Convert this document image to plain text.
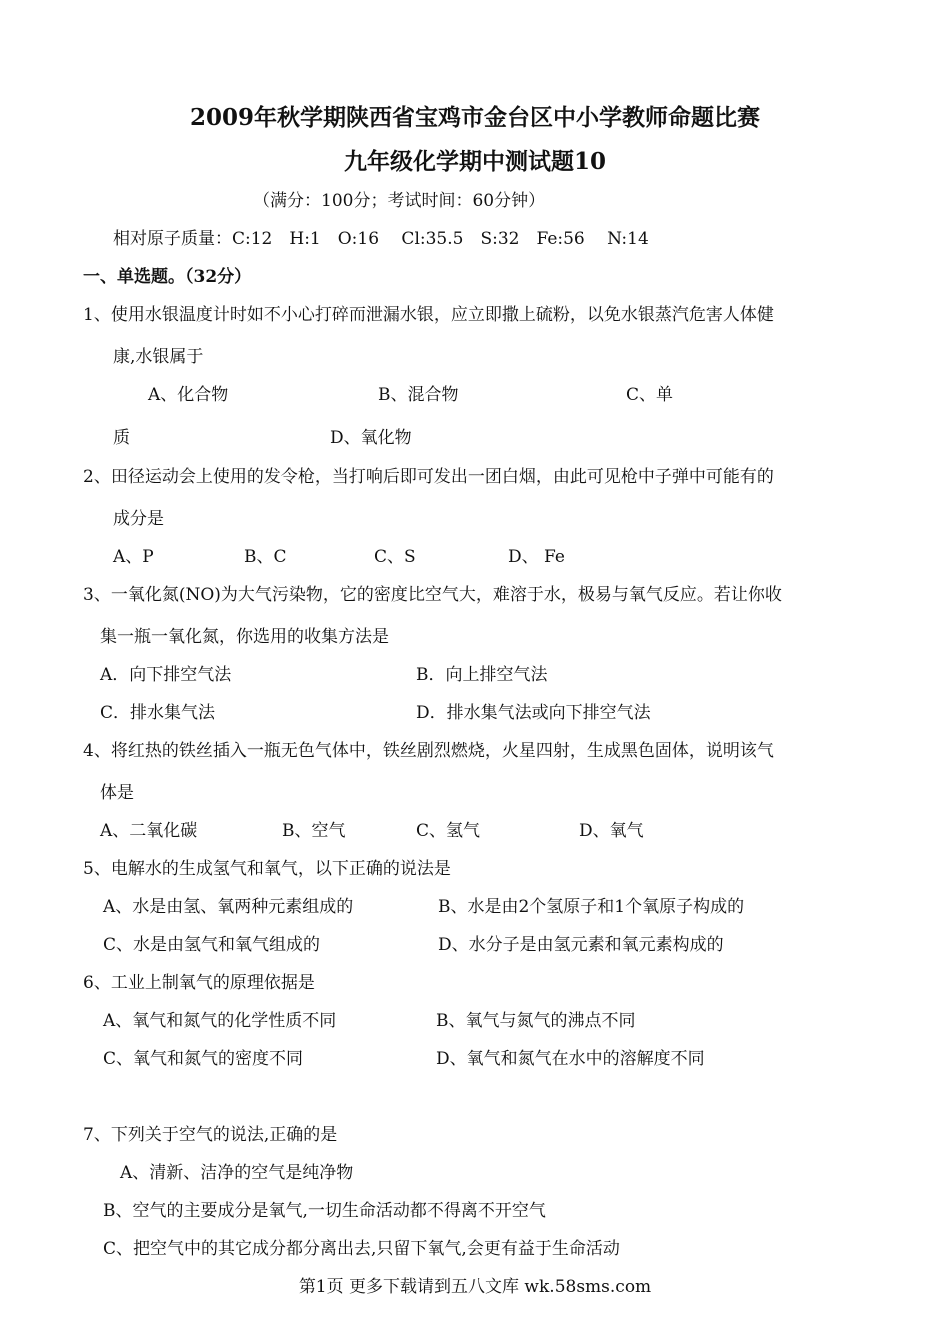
2009年秋学期陕西省宝鸡市金台区中小学教师命题比赛
九年级化学期中测试题10
（满分：100分；考试时间：60分钟）
相对原子质量：C:12　H:1　O:16　 Cl:35.5　S:32　Fe:56　 N:14
一、单选题。（32分）
1、使用水银温度计时如不小心打碎而泄漏水银，应立即撒上硫粉，以免水银蒸汽危害人体健
康,水银属于
A、化合物	B、混合物	C、单
质	D、氧化物
2、田径运动会上使用的发令枪，当打响后即可发出一团白烟，由此可见枪中子弹中可能有的
成分是
A、P	B、C	C、S	D、 Fe
3、一氧化氮(NO)为大气污染物，它的密度比空气大，难溶于水，极易与氧气反应。若让你收
集一瓶一氧化氮，你选用的收集方法是
A．向下排空气法	B．向上排空气法
C．排水集气法	D．排水集气法或向下排空气法
4、将红热的铁丝插入一瓶无色气体中，铁丝剧烈燃烧，火星四射，生成黑色固体，说明该气
体是
A、二氧化碳	B、空气	C、氢气	D、氧气
5、电解水的生成氢气和氧气，以下正确的说法是
A、水是由氢、氧两种元素组成的	B、水是由2个氢原子和1个氧原子构成的
C、水是由氢气和氧气组成的	D、水分子是由氢元素和氧元素构成的
6、工业上制氧气的原理依据是
A、氧气和氮气的化学性质不同	B、氧气与氮气的沸点不同
C、氧气和氮气的密度不同	D、氧气和氮气在水中的溶解度不同
7、下列关于空气的说法,正确的是
A、清新、洁净的空气是纯净物
B、空气的主要成分是氧气,一切生命活动都不得离不开空气
C、把空气中的其它成分都分离出去,只留下氧气,会更有益于生命活动
第1页 更多下载请到五八文库 wk.58sms.com
